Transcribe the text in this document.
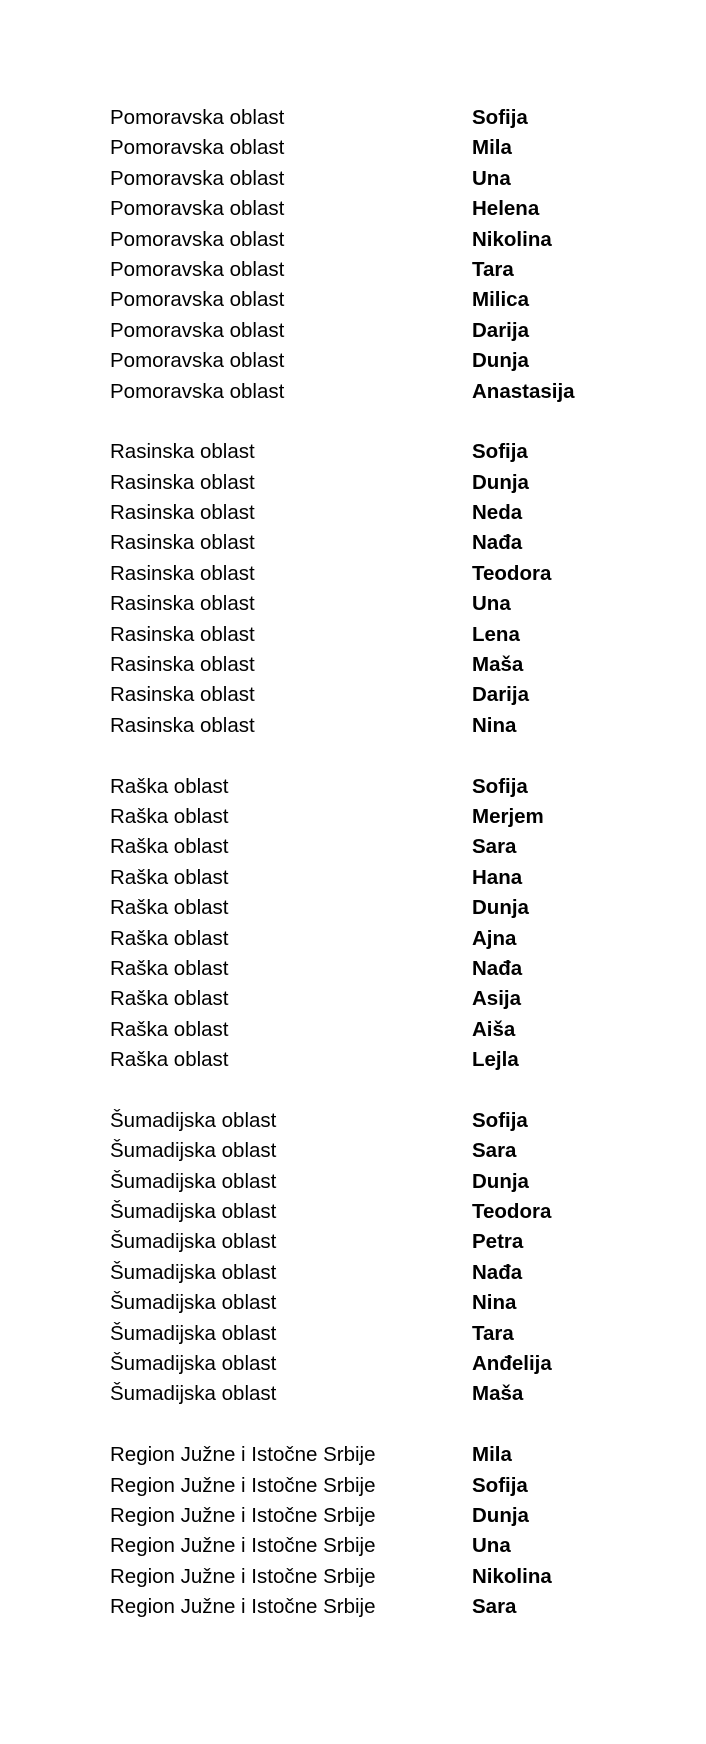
Pomoravska oblast	Sofija
Pomoravska oblast	Mila
Pomoravska oblast	Una
Pomoravska oblast	Helena
Pomoravska oblast	Nikolina
Pomoravska oblast	Tara
Pomoravska oblast	Milica
Pomoravska oblast	Darija
Pomoravska oblast	Dunja
Pomoravska oblast	Anastasija
Rasinska oblast	Sofija
Rasinska oblast	Dunja
Rasinska oblast	Neda
Rasinska oblast	Nađa
Rasinska oblast	Teodora
Rasinska oblast	Una
Rasinska oblast	Lena
Rasinska oblast	Maša
Rasinska oblast	Darija
Rasinska oblast	Nina
Raška oblast	Sofija
Raška oblast	Merjem
Raška oblast	Sara
Raška oblast	Hana
Raška oblast	Dunja
Raška oblast	Ajna
Raška oblast	Nađa
Raška oblast	Asija
Raška oblast	Aiša
Raška oblast	Lejla
Šumadijska oblast	Sofija
Šumadijska oblast	Sara
Šumadijska oblast	Dunja
Šumadijska oblast	Teodora
Šumadijska oblast	Petra
Šumadijska oblast	Nađa
Šumadijska oblast	Nina
Šumadijska oblast	Tara
Šumadijska oblast	Anđelija
Šumadijska oblast	Maša
Region Južne i Istočne Srbije	Mila
Region Južne i Istočne Srbije	Sofija
Region Južne i Istočne Srbije	Dunja
Region Južne i Istočne Srbije	Una
Region Južne i Istočne Srbije	Nikolina
Region Južne i Istočne Srbije	Sara
